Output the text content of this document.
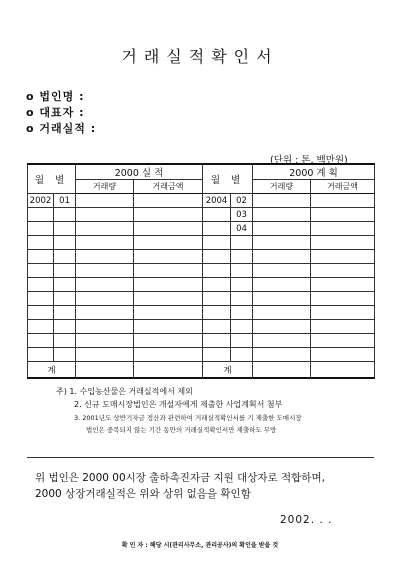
거래실적확인서
o 법인명 :
o 대표자 :
o 거래실적 :
(단위 : 톤, 백만원)
월 별		2000 실 적		월 별		2000 계 획	
		거래량	거래금액			거래량	거래금액
2002	01			2004	02		
					03		
					04		

계				계			
주) 1. 수입농산물은 거래실적에서 제외
2. 신규 도매시장법인은 개설자에게 제출한 사업계획서 첨부
3. 2001년도 상반기자금 정산과 관련하여 거래실적확인서를 기 제출한 도매시장
법인은 중복되지 않는 기간 동안의 거래실적확인서만 제출하도 무방
위 법인은 2000 00시장 출하촉진자금 지원 대상자로 적합하며,
2000 상장거래실적은 위와 상위 없음을 확인함
2002. . .
확 인 자 : 해당 시(관리사무소, 관리공사)의 확인을 받을 것
